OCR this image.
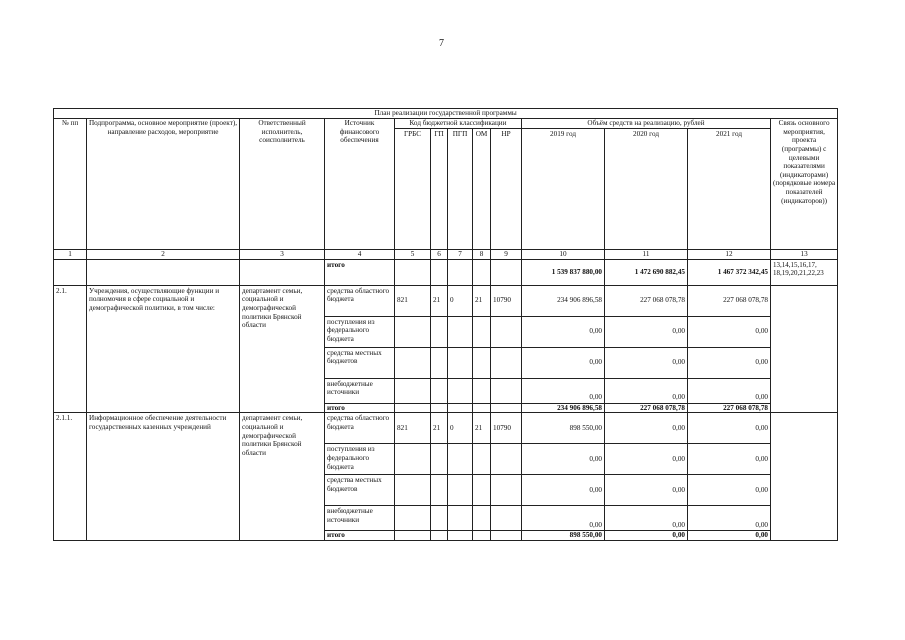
7
План реализации государственной программы												
№ пп	Подпрограмма, основное мероприятие (проект), направление расходов, мероприятие	Ответственный исполнитель, соисполнитель	Источник финансового обеспечения	Код бюджетной классификации					Объём средств на реализацию, рублей			Связь основного мероприятия, проекта (программы) с целевыми показателями (индикаторами) (порядковые номера показателей (индикаторов))
				ГРБС	ГП	ПГП	ОМ	НР	2019 год	2020 год	2021 год	
1	2	3	4	5	6	7	8	9	10	11	12	13
			итого						1 539 837 880,00	1 472 690 882,45	1 467 372 342,45	13,14,15,16,17, 18,19,20,21,22,23
2.1.	Учреждения, осуществляющие функции и полномочия в сфере социальной и демографической политики, в том числе:	департамент семьи, социальной и демографической политики Брянской области	средства областного бюджета	821	21	0	21	10790	234 906 896,58	227 068 078,78	227 068 078,78	
			поступления из федерального бюджета						0,00	0,00	0,00	
			средства местных бюджетов						0,00	0,00	0,00	
			внебюджетные источники						0,00	0,00	0,00	
			итого						234 906 896,58	227 068 078,78	227 068 078,78	
2.1.1.	Информационное обеспечение деятельности государственных казенных учреждений	департамент семьи, социальной и демографической политики Брянской области	средства областного бюджета	821	21	0	21	10790	898 550,00	0,00	0,00	
			поступления из федерального бюджета						0,00	0,00	0,00	
			средства местных бюджетов						0,00	0,00	0,00	
			внебюджетные источники						0,00	0,00	0,00	
			итого						898 550,00	0,00	0,00	
